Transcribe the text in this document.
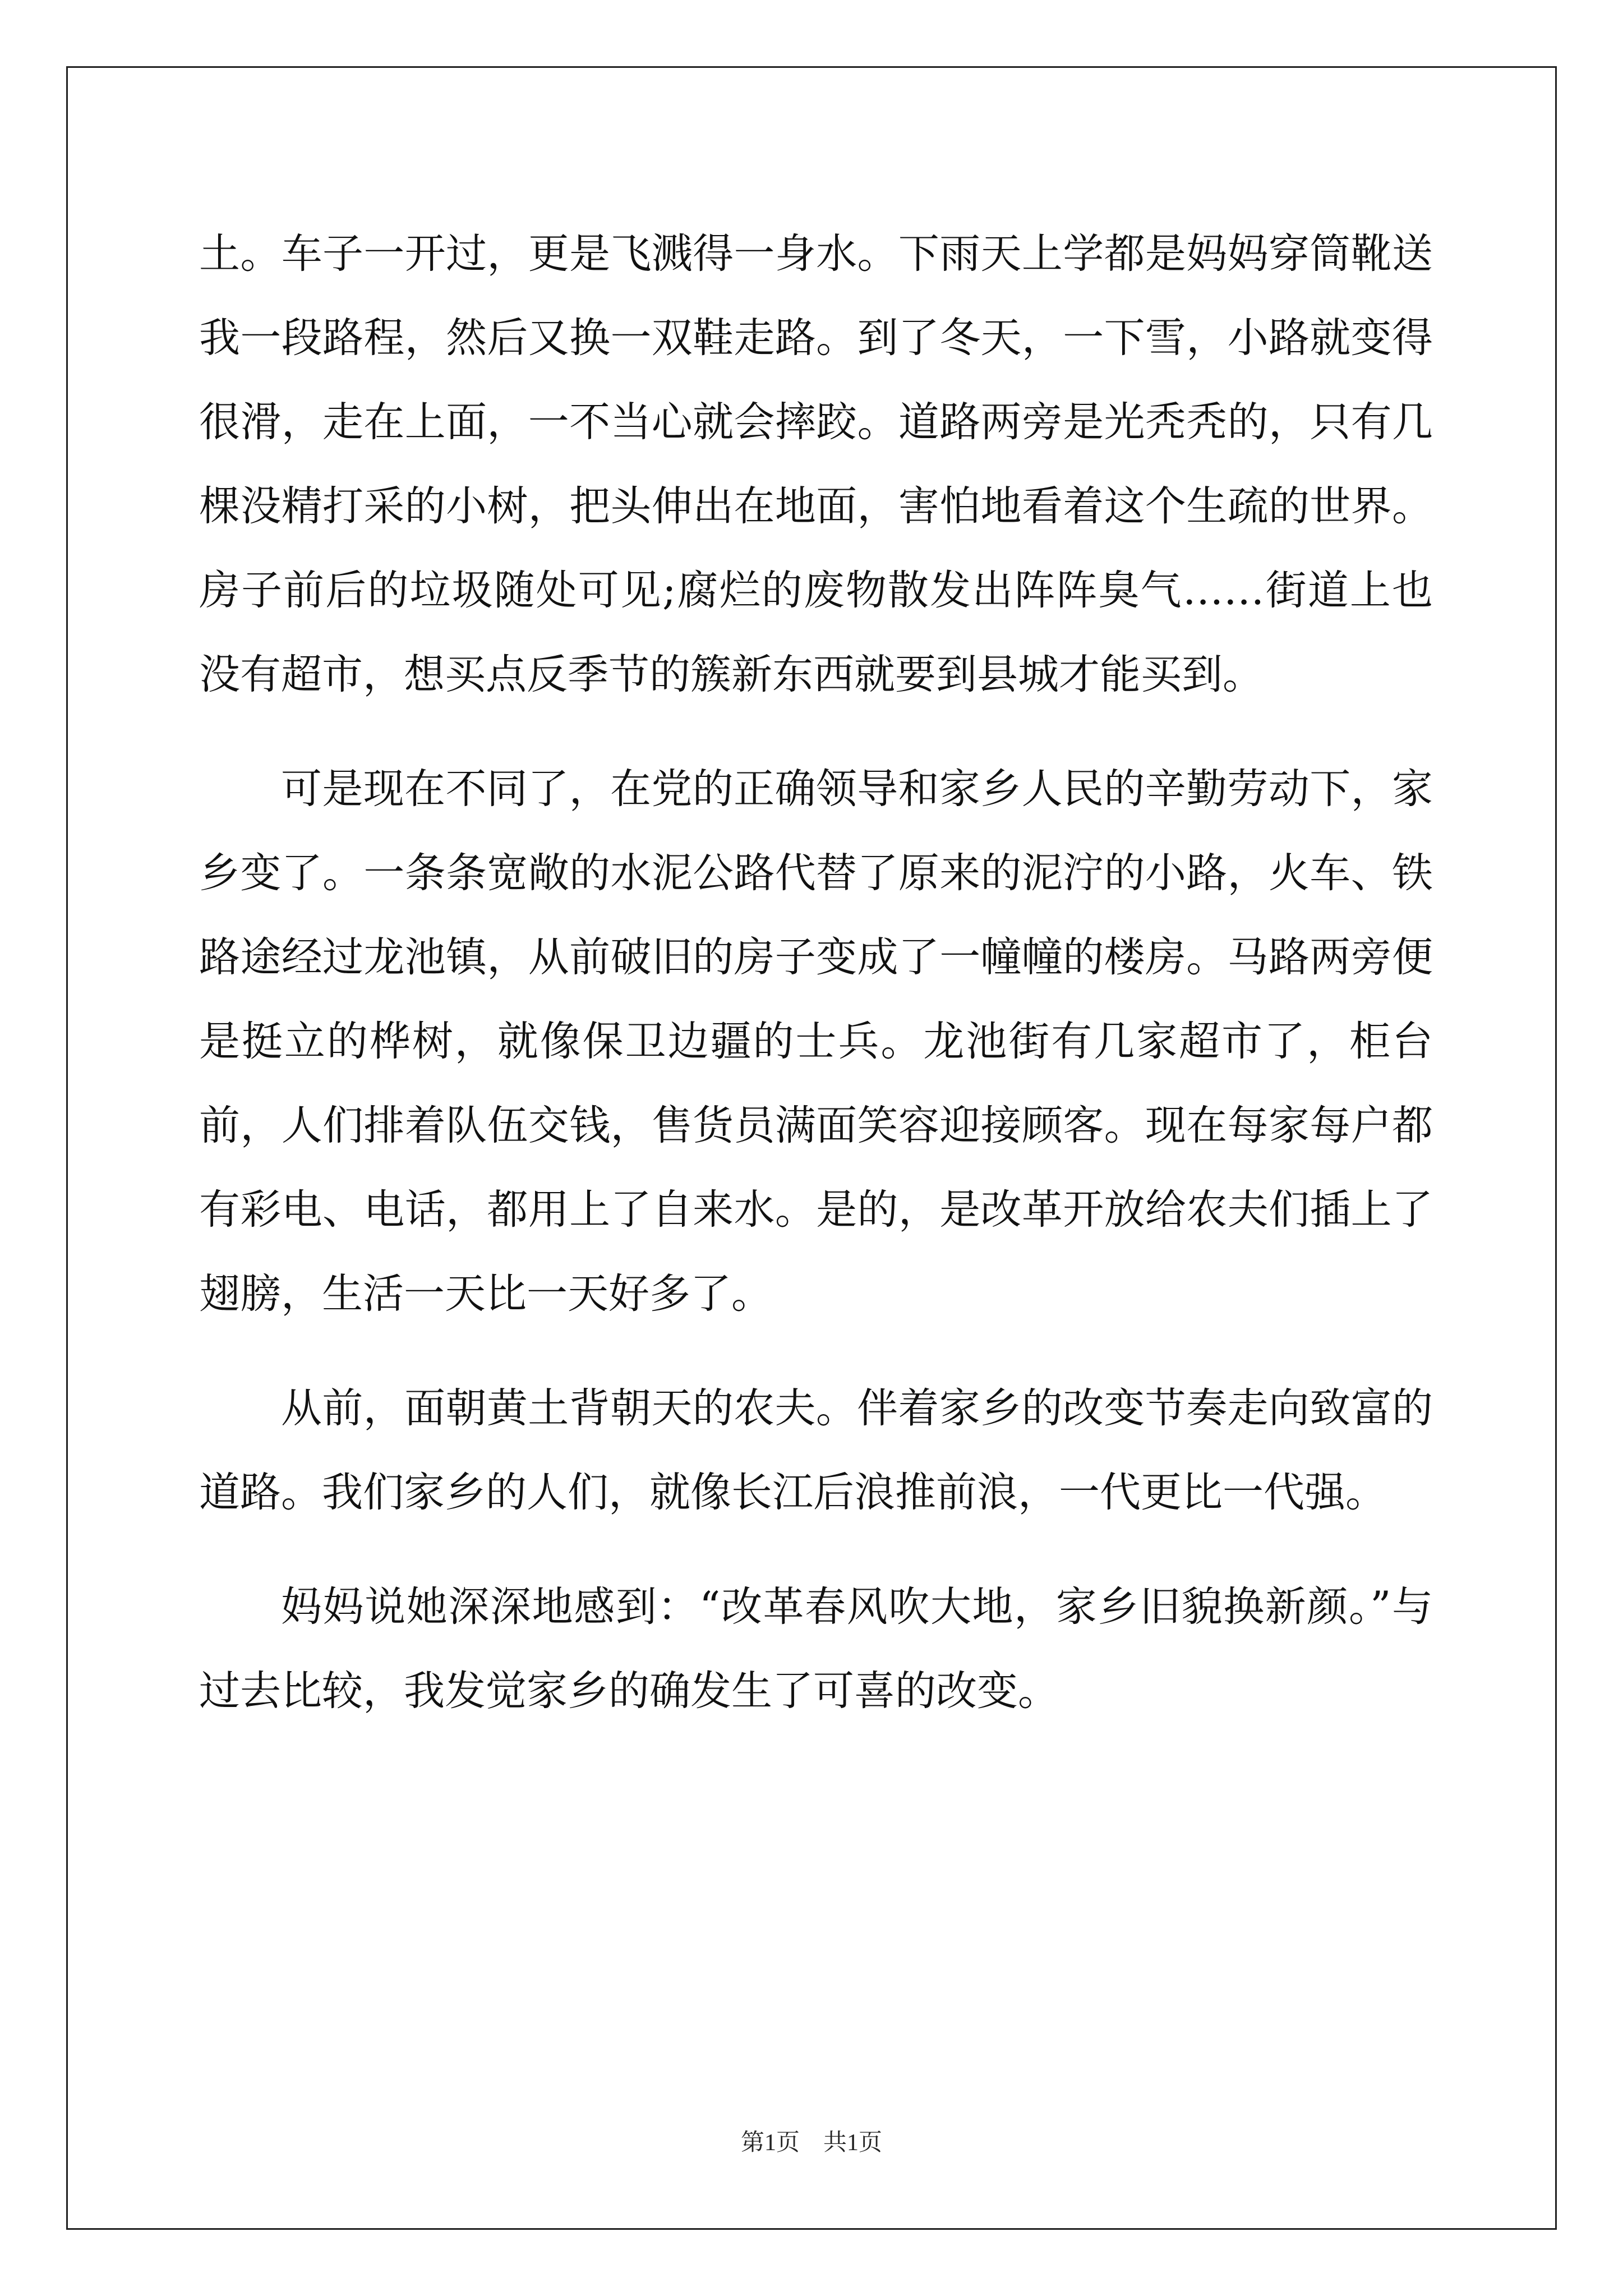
土。车子一开过，更是飞溅得一身水。下雨天上学都是妈妈穿筒靴送我一段路程，然后又换一双鞋走路。到了冬天，一下雪，小路就变得很滑，走在上面，一不当心就会摔跤。道路两旁是光秃秃的，只有几棵没精打采的小树，把头伸出在地面，害怕地看着这个生疏的世界。房子前后的垃圾随处可见;腐烂的废物散发出阵阵臭气……街道上也没有超市，想买点反季节的簇新东西就要到县城才能买到。

可是现在不同了，在党的正确领导和家乡人民的辛勤劳动下，家乡变了。一条条宽敞的水泥公路代替了原来的泥泞的小路，火车、铁路途经过龙池镇，从前破旧的房子变成了一幢幢的楼房。马路两旁便是挺立的桦树，就像保卫边疆的士兵。龙池街有几家超市了，柜台前，人们排着队伍交钱，售货员满面笑容迎接顾客。现在每家每户都有彩电、电话，都用上了自来水。是的，是改革开放给农夫们插上了翅膀，生活一天比一天好多了。

从前，面朝黄土背朝天的农夫。伴着家乡的改变节奏走向致富的道路。我们家乡的人们，就像长江后浪推前浪，一代更比一代强。

妈妈说她深深地感到：“改革春风吹大地，家乡旧貌换新颜。”与过去比较，我发觉家乡的确发生了可喜的改变。

第1页　共1页
